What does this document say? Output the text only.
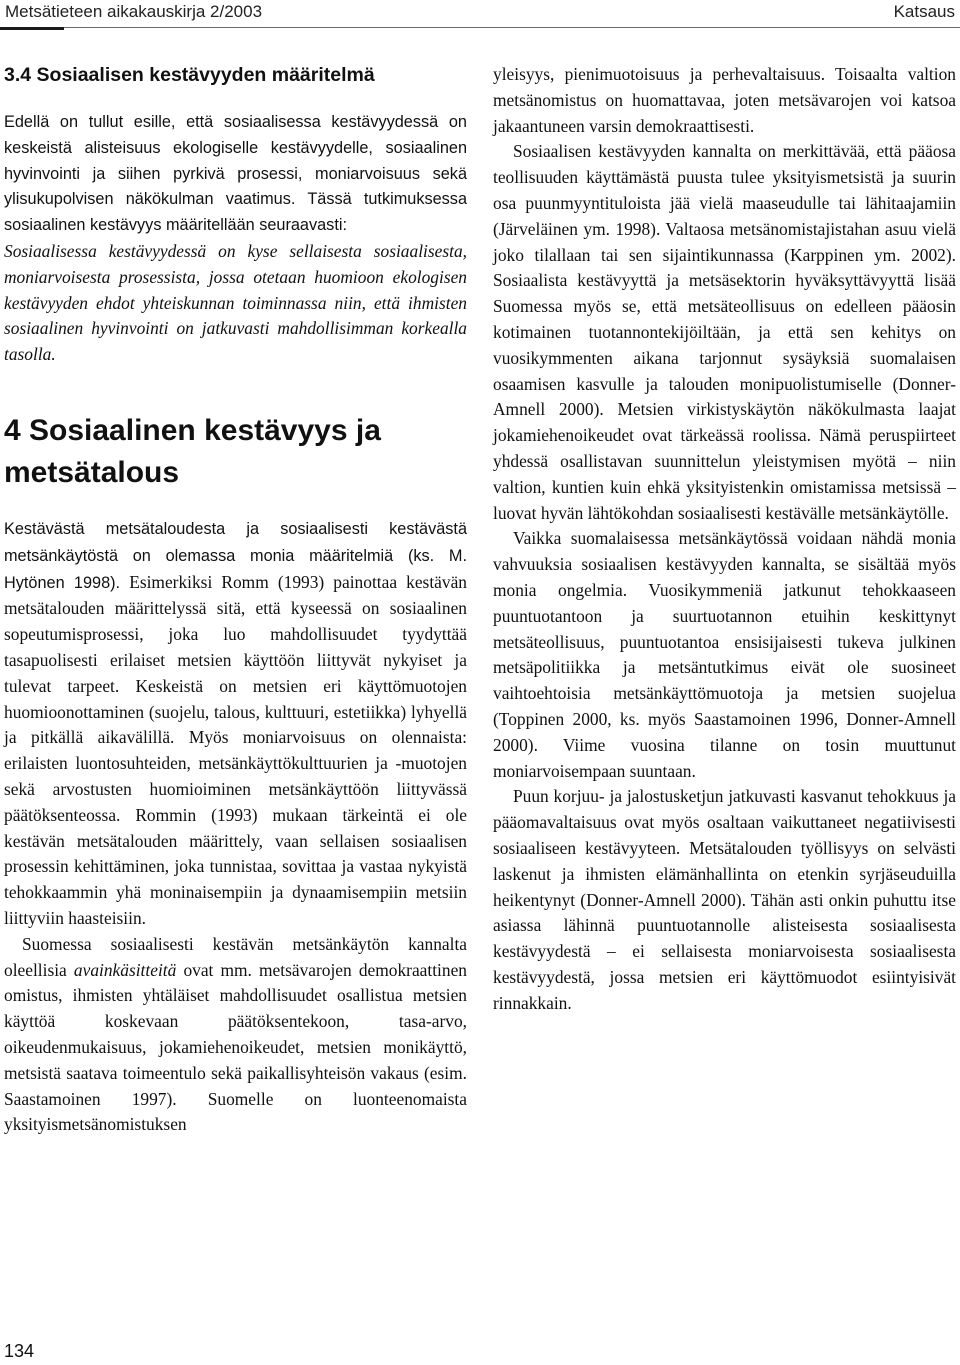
Metsätieteen aikakauskirja 2/2003	Katsaus
3.4 Sosiaalisen kestävyyden määritelmä

Edellä on tullut esille, että sosiaalisessa kestävyydessä on keskeistä alisteisuus ekologiselle kestävyydelle, sosiaalinen hyvinvointi ja siihen pyrkivä prosessi, moniarvoisuus sekä ylisukupolvisen näkökulman vaatimus. Tässä tutkimuksessa sosiaalinen kestävyys määritellään seuraavasti:

Sosiaalisessa kestävyydessä on kyse sellaisesta sosiaalisesta, moniarvoisesta prosessista, jossa otetaan huomioon ekologisen kestävyyden ehdot yhteiskunnan toiminnassa niin, että ihmisten sosiaalinen hyvinvointi on jatkuvasti mahdollisimman korkealla tasolla.

4 Sosiaalinen kestävyys ja metsätalous

Kestävästä metsätaloudesta ja sosiaalisesti kestävästä metsänkäytöstä on olemassa monia määritelmiä (ks. M. Hytönen 1998). Esimerkiksi Romm (1993) painottaa kestävän metsätalouden määrittelyssä sitä, että kyseessä on sosiaalinen sopeutumisprosessi, joka luo mahdollisuudet tyydyttää tasapuolisesti erilaiset metsien käyttöön liittyvät nykyiset ja tulevat tarpeet. Keskeistä on metsien eri käyttömuotojen huomioonottaminen (suojelu, talous, kulttuuri, estetiikka) lyhyellä ja pitkällä aikavälillä. Myös moniarvoisuus on olennaista: erilaisten luontosuhteiden, metsänkäyttökulttuurien ja -muotojen sekä arvostusten huomioiminen metsänkäyttöön liittyvässä päätöksenteossa. Rommin (1993) mukaan tärkeintä ei ole kestävän metsätalouden määrittely, vaan sellaisen sosiaalisen prosessin kehittäminen, joka tunnistaa, sovittaa ja vastaa nykyistä tehokkaammin yhä moninaisempiin ja dynaamisempiin metsiin liittyviin haasteisiin.

Suomessa sosiaalisesti kestävän metsänkäytön kannalta oleellisia avainkäsitteitä ovat mm. metsävarojen demokraattinen omistus, ihmisten yhtäläiset mahdollisuudet osallistua metsien käyttöä koskevaan päätöksentekoon, tasa-arvo, oikeudenmukaisuus, jokamiehenoikeudet, metsien monikäyttö, metsistä saatava toimeentulo sekä paikallisyhteisön vakaus (esim. Saastamoinen 1997). Suomelle on luonteenomaista yksityismetsänomistuksen

yleisyys, pienimuotoisuus ja perhevaltaisuus. Toisaalta valtion metsänomistus on huomattavaa, joten metsävarojen voi katsoa jakaantuneen varsin demokraattisesti.

Sosiaalisen kestävyyden kannalta on merkittävää, että pääosa teollisuuden käyttämästä puusta tulee yksityismetsistä ja suurin osa puunmyyntituloista jää vielä maaseudulle tai lähitaajamiin (Järveläinen ym. 1998). Valtaosa metsänomistajistahan asuu vielä joko tilallaan tai sen sijaintikunnassa (Karppinen ym. 2002). Sosiaalista kestävyyttä ja metsäsektorin hyväksyttävyyttä lisää Suomessa myös se, että metsäteollisuus on edelleen pääosin kotimainen tuotannontekijöiltään, ja että sen kehitys on vuosikymmenten aikana tarjonnut sysäyksiä suomalaisen osaamisen kasvulle ja talouden monipuolistumiselle (Donner-Amnell 2000). Metsien virkistyskäytön näkökulmasta laajat jokamiehenoikeudet ovat tärkeässä roolissa. Nämä peruspiirteet yhdessä osallistavan suunnittelun yleistymisen myötä – niin valtion, kuntien kuin ehkä yksityistenkin omistamissa metsissä – luovat hyvän lähtökohdan sosiaalisesti kestävälle metsänkäytölle.

Vaikka suomalaisessa metsänkäytössä voidaan nähdä monia vahvuuksia sosiaalisen kestävyyden kannalta, se sisältää myös monia ongelmia. Vuosikymmeniä jatkunut tehokkaaseen puuntuotantoon ja suurtuotannon etuihin keskittynyt metsäteollisuus, puuntuotantoa ensisijaisesti tukeva julkinen metsäpolitiikka ja metsäntutkimus eivät ole suosineet vaihtoehtoisia metsänkäyttömuotoja ja metsien suojelua (Toppinen 2000, ks. myös Saastamoinen 1996, Donner-Amnell 2000). Viime vuosina tilanne on tosin muuttunut moniarvoisempaan suuntaan.

Puun korjuu- ja jalostusketjun jatkuvasti kasvanut tehokkuus ja pääomavaltaisuus ovat myös osaltaan vaikuttaneet negatiivisesti sosiaaliseen kestävyyteen. Metsätalouden työllisyys on selvästi laskenut ja ihmisten elämänhallinta on etenkin syrjäseuduilla heikentynyt (Donner-Amnell 2000). Tähän asti onkin puhuttu itse asiassa lähinnä puuntuotannolle alisteisesta sosiaalisesta kestävyydestä – ei sellaisesta moniarvoisesta sosiaalisesta kestävyydestä, jossa metsien eri käyttömuodot esiintyisivät rinnakkain.

134
